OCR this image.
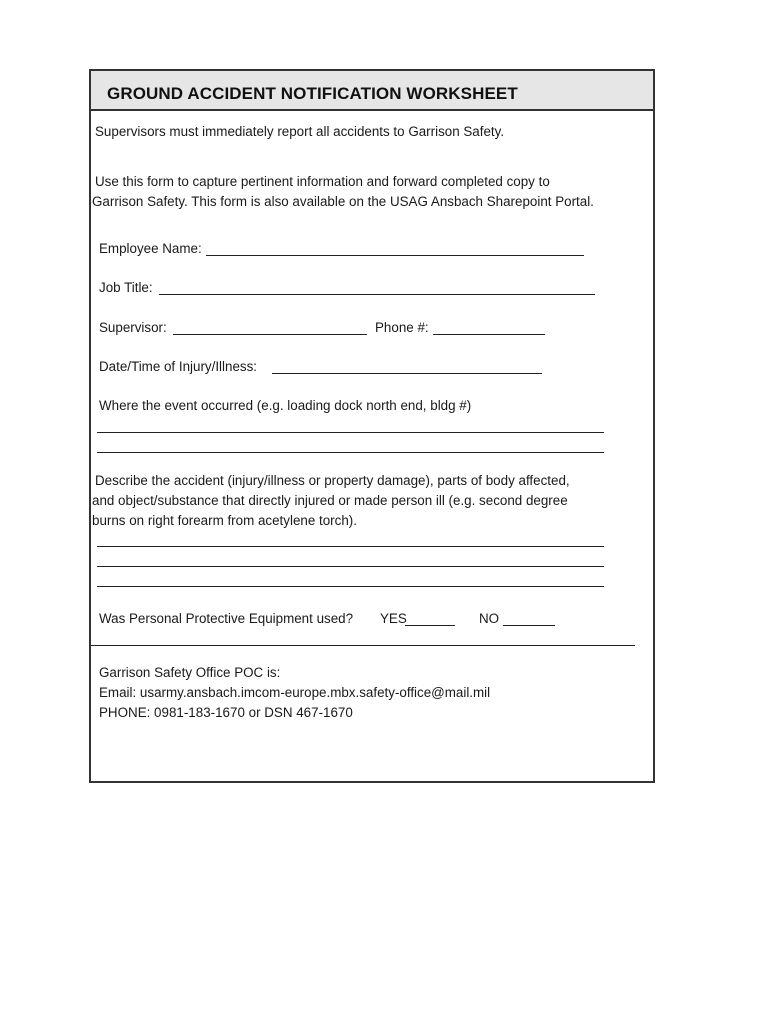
GROUND ACCIDENT NOTIFICATION WORKSHEET
Supervisors must immediately report all accidents to Garrison Safety.
Use this form to capture pertinent information and forward completed copy to
Garrison Safety. This form is also available on the USAG Ansbach Sharepoint Portal.
Employee Name:
Job Title:
Supervisor:	Phone #:
Date/Time of Injury/Illness:
Where the event occurred (e.g. loading dock north end, bldg #)
Describe the accident (injury/illness or property damage), parts of body affected,
and object/substance that directly injured or made person ill (e.g. second degree
burns on right forearm from acetylene torch).
Was Personal Protective Equipment used? YES	NO
Garrison Safety Office POC is:
Email: usarmy.ansbach.imcom-europe.mbx.safety-office@mail.mil
PHONE: 0981-183-1670 or DSN 467-1670
